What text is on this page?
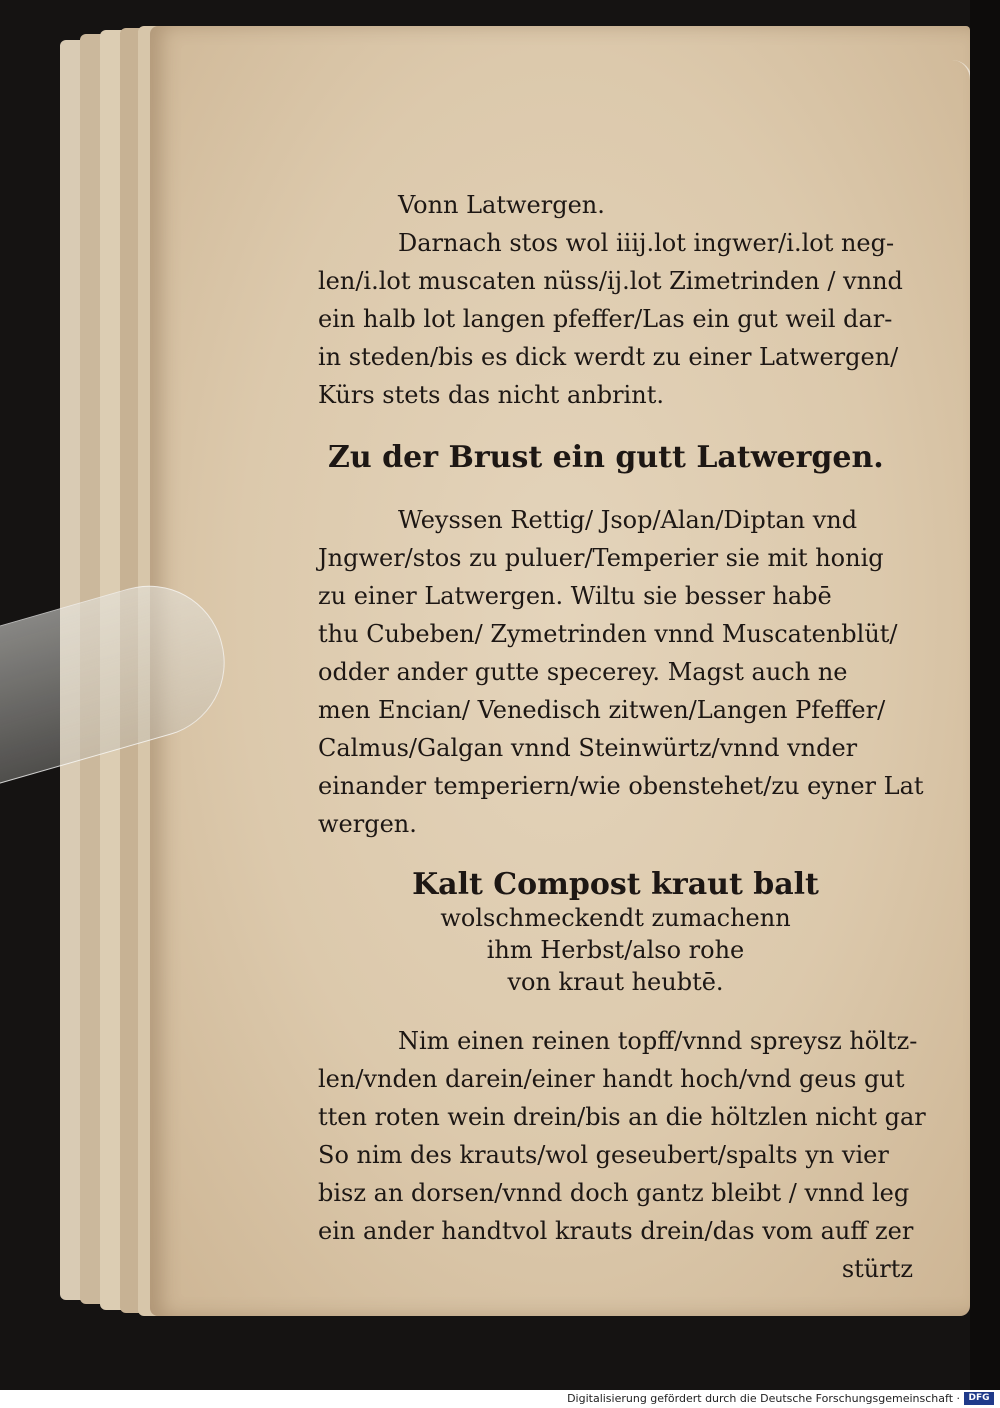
Vonn Latwergen.
Darnach stos wol iiij.lot ingwer/i.lot neg-
len/i.lot muscaten nüss/ij.lot Zimetrinden / vnnd
ein halb lot langen pfeffer/Las ein gut weil dar-
in steden/bis es dick werdt zu einer Latwergen/
Kürs stets das nicht anbrint.
Zu der Brust ein gutt Latwergen.
Weyssen Rettig/ Jsop/Alan/Diptan vnd
Jngwer/stos zu puluer/Temperier sie mit honig
zu einer Latwergen. Wiltu sie besser habē
thu Cubeben/ Zymetrinden vnnd Muscatenblüt/
odder ander gutte specerey. Magst auch ne
men Encian/ Venedisch zitwen/Langen Pfeffer/
Calmus/Galgan vnnd Steinwürtz/vnnd vnder
einander temperiern/wie obenstehet/zu eyner Lat
wergen.
Kalt Compost kraut balt
wolschmeckendt zumachenn
ihm Herbst/also rohe
von kraut heubtē.
Nim einen reinen topff/vnnd spreysz höltz-
len/vnden darein/einer handt hoch/vnd geus gut
tten roten wein drein/bis an die höltzlen nicht gar
So nim des krauts/wol geseubert/spalts yn vier
bisz an dorsen/vnnd doch gantz bleibt / vnnd leg
ein ander handtvol krauts drein/das vom auff zer
stürtz
Digitalisierung gefördert durch die Deutsche Forschungsgemeinschaft · DFG
